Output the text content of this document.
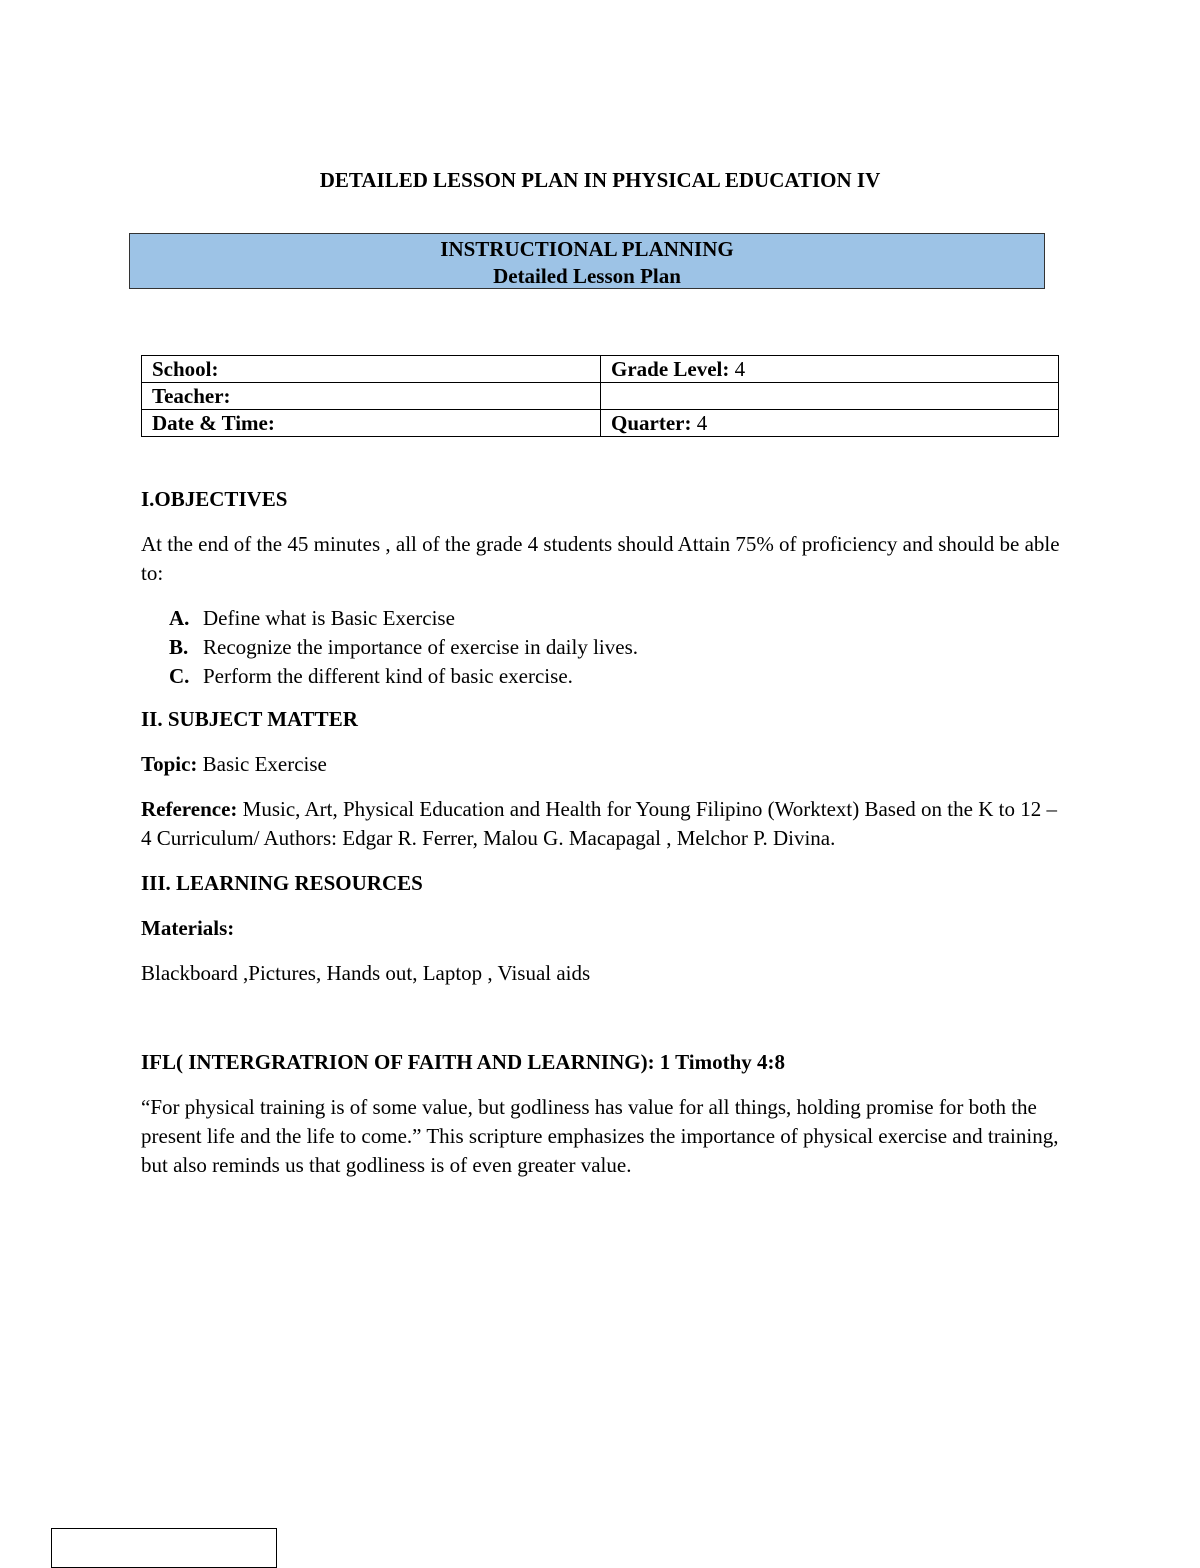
DETAILED LESSON PLAN IN PHYSICAL EDUCATION IV
INSTRUCTIONAL PLANNING
Detailed Lesson Plan
School:	Grade Level: 4
Teacher:	
Date & Time:	Quarter: 4
I.OBJECTIVES
At the end of the 45 minutes , all of the grade 4 students should Attain 75% of proficiency and should be able to:
A. Define what is Basic Exercise
B. Recognize the importance of exercise in daily lives.
C. Perform the different kind of basic exercise.
II. SUBJECT MATTER
Topic: Basic Exercise
Reference: Music, Art, Physical Education and Health for Young Filipino (Worktext) Based on the K to 12 – 4 Curriculum/ Authors: Edgar R. Ferrer, Malou G. Macapagal , Melchor P. Divina.
III. LEARNING RESOURCES
Materials:
Blackboard ,Pictures, Hands out, Laptop , Visual aids
IFL( INTERGRATRION OF FAITH AND LEARNING): 1 Timothy 4:8
“For physical training is of some value, but godliness has value for all things, holding promise for both the present life and the life to come.” This scripture emphasizes the importance of physical exercise and training, but also reminds us that godliness is of even greater value.
